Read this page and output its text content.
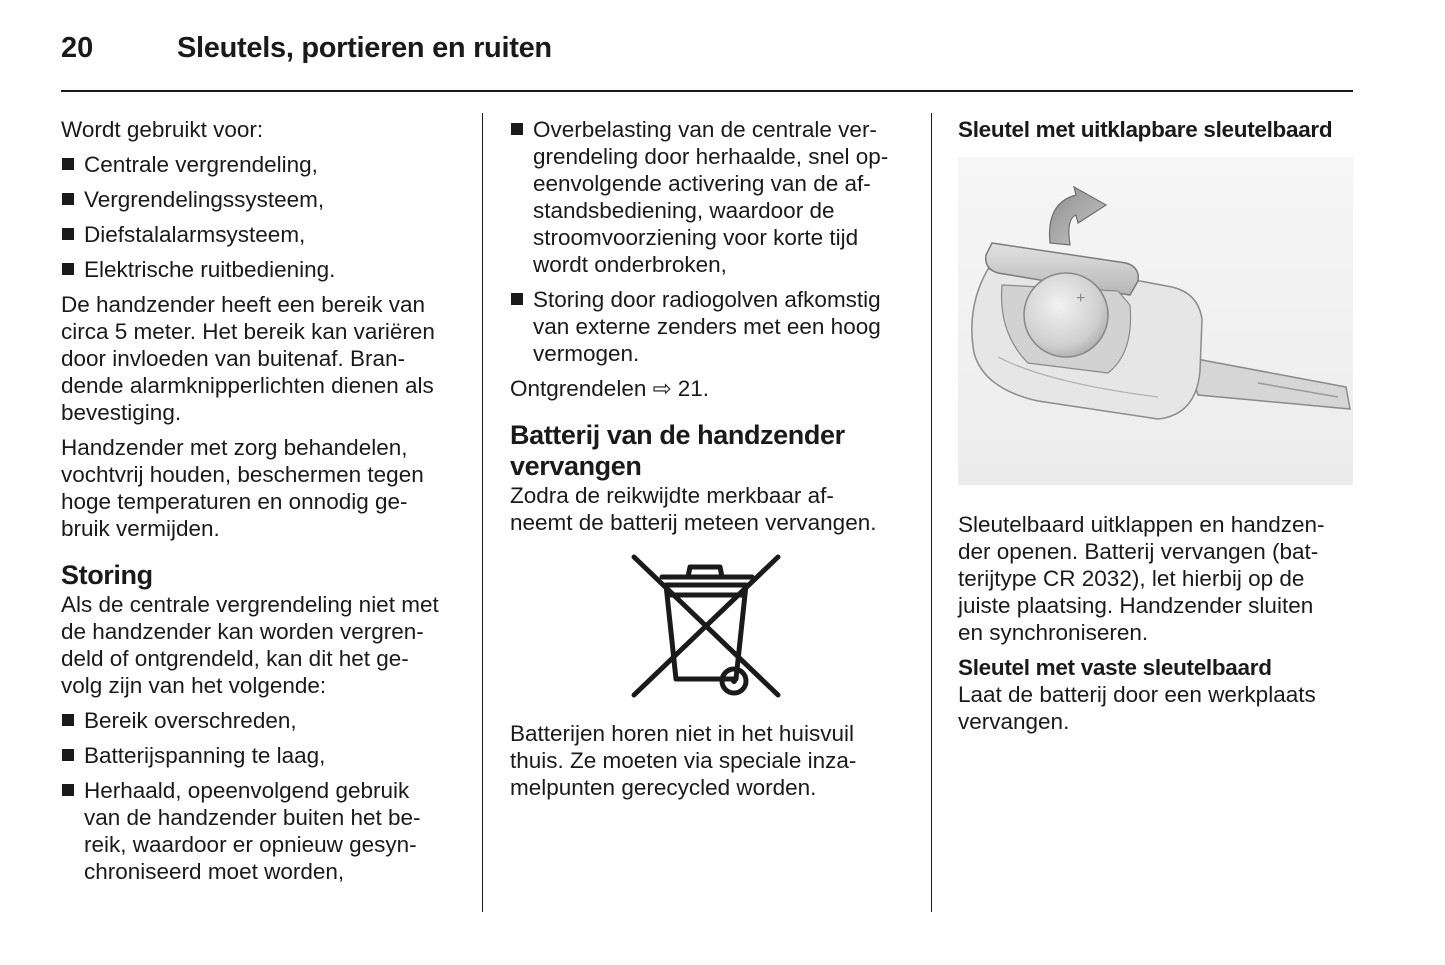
20	Sleutels, portieren en ruiten

Wordt gebruikt voor:

Centrale vergrendeling,
Vergrendelingssysteem,
Diefstalalarmsysteem,
Elektrische ruitbediening.

De handzender heeft een bereik van
circa 5 meter. Het bereik kan variëren
door invloeden van buitenaf. Bran-
dende alarmknipperlichten dienen als
bevestiging.

Handzender met zorg behandelen,
vochtvrij houden, beschermen tegen
hoge temperaturen en onnodig ge-
bruik vermijden.

Storing

Als de centrale vergrendeling niet met
de handzender kan worden vergren-
deld of ontgrendeld, kan dit het ge-
volg zijn van het volgende:

Bereik overschreden,
Batterijspanning te laag,
Herhaald, opeenvolgend gebruik
van de handzender buiten het be-
reik, waardoor er opnieuw gesyn-
chroniseerd moet worden,
Overbelasting van de centrale ver-
grendeling door herhaalde, snel op-
eenvolgende activering van de af-
standsbediening, waardoor de
stroomvoorziening voor korte tijd
wordt onderbroken,
Storing door radiogolven afkomstig
van externe zenders met een hoog
vermogen.

Ontgrendelen ⇨ 21.

Batterij van de handzender
vervangen

Zodra de reikwijdte merkbaar af-
neemt de batterij meteen vervangen.

Batterijen horen niet in het huisvuil
thuis. Ze moeten via speciale inza-
melpunten gerecycled worden.

Sleutel met uitklapbare sleutelbaard
+

Sleutelbaard uitklappen en handzen-
der openen. Batterij vervangen (bat-
terijtype CR 2032), let hierbij op de
juiste plaatsing. Handzender sluiten
en synchroniseren.

Sleutel met vaste sleutelbaard

Laat de batterij door een werkplaats
vervangen.
